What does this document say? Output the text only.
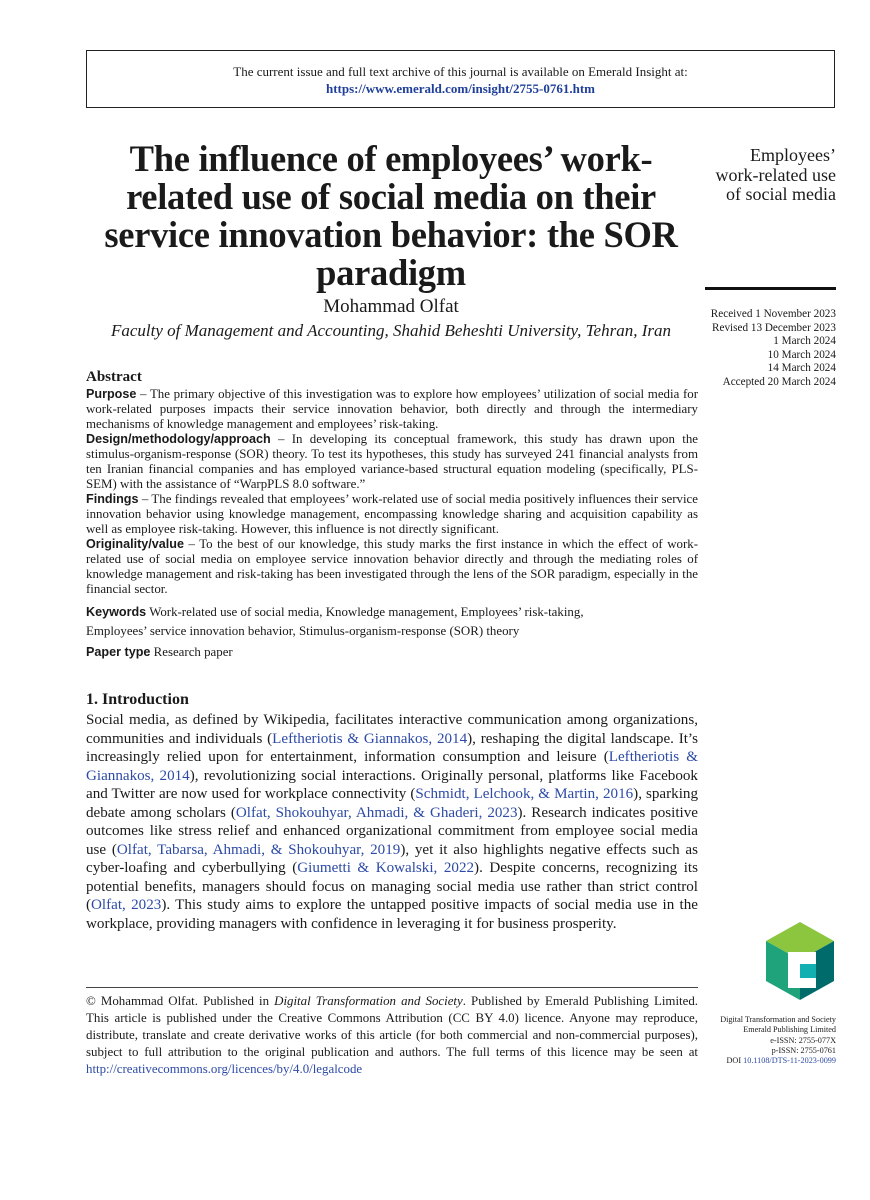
The current issue and full text archive of this journal is available on Emerald Insight at:
https://www.emerald.com/insight/2755-0761.htm
The influence of employees’ work-related use of social media on their service innovation behavior: the SOR paradigm
Mohammad Olfat
Faculty of Management and Accounting, Shahid Beheshti University, Tehran, Iran
Employees’ work-related use of social media
Received 1 November 2023
Revised 13 December 2023
1 March 2024
10 March 2024
14 March 2024
Accepted 20 March 2024
Abstract

Purpose – The primary objective of this investigation was to explore how employees’ utilization of social media for work-related purposes impacts their service innovation behavior, both directly and through the intermediary mechanisms of knowledge management and employees’ risk-taking.

Design/methodology/approach – In developing its conceptual framework, this study has drawn upon the stimulus-organism-response (SOR) theory. To test its hypotheses, this study has surveyed 241 financial analysts from ten Iranian financial companies and has employed variance-based structural equation modeling (specifically, PLS-SEM) with the assistance of “WarpPLS 8.0 software.”

Findings – The findings revealed that employees’ work-related use of social media positively influences their service innovation behavior using knowledge management, encompassing knowledge sharing and acquisition capability as well as employee risk-taking. However, this influence is not directly significant.

Originality/value – To the best of our knowledge, this study marks the first instance in which the effect of work-related use of social media on employee service innovation behavior directly and through the mediating roles of knowledge management and risk-taking has been investigated through the lens of the SOR paradigm, especially in the financial sector.

Keywords Work-related use of social media, Knowledge management, Employees’ risk-taking,

Employees’ service innovation behavior, Stimulus-organism-response (SOR) theory

Paper type Research paper

1. Introduction

Social media, as defined by Wikipedia, facilitates interactive communication among organizations, communities and individuals (Leftheriotis & Giannakos, 2014), reshaping the digital landscape. It’s increasingly relied upon for entertainment, information consumption and leisure (Leftheriotis & Giannakos, 2014), revolutionizing social interactions. Originally personal, platforms like Facebook and Twitter are now used for workplace connectivity (Schmidt, Lelchook, & Martin, 2016), sparking debate among scholars (Olfat, Shokouhyar, Ahmadi, & Ghaderi, 2023). Research indicates positive outcomes like stress relief and enhanced organizational commitment from employee social media use (Olfat, Tabarsa, Ahmadi, & Shokouhyar, 2019), yet it also highlights negative effects such as cyber-loafing and cyberbullying (Giumetti & Kowalski, 2022). Despite concerns, recognizing its potential benefits, managers should focus on managing social media use rather than strict control (Olfat, 2023). This study aims to explore the untapped positive impacts of social media use in the workplace, providing managers with confidence in leveraging it for business prosperity.

© Mohammad Olfat. Published in Digital Transformation and Society. Published by Emerald Publishing Limited. This article is published under the Creative Commons Attribution (CC BY 4.0) licence. Anyone may reproduce, distribute, translate and create derivative works of this article (for both commercial and non-commercial purposes), subject to full attribution to the original publication and authors. The full terms of this licence may be seen at http://creativecommons.org/licences/by/4.0/legalcode
Digital Transformation and Society
Emerald Publishing Limited
e-ISSN: 2755-077X
p-ISSN: 2755-0761
DOI 10.1108/DTS-11-2023-0099
